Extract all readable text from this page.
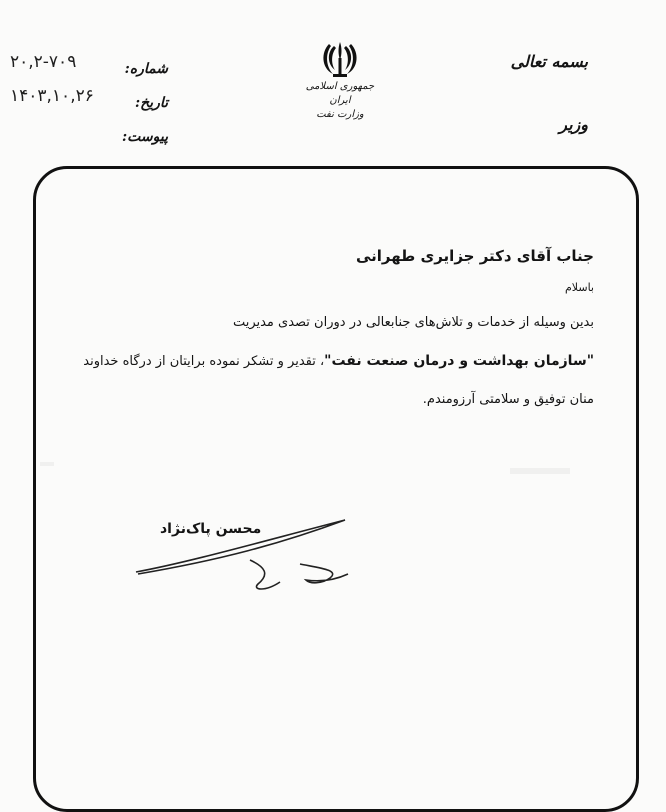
بسمه تعالی
وزیر
جمهوری اسلامی ایران
وزارت نفت
شماره:
تاریخ:
پیوست:
۲۰,۲-۷۰۹
۱۴۰۳,۱۰,۲۶

جناب آقای دکتر جزایری طهرانی

باسلام

بدین وسیله از خدمات و تلاش‌های جنابعالی در دوران تصدی مدیریت

"سازمان بهداشت و درمان صنعت نفت"، تقدیر و تشکر نموده برایتان از درگاه خداوند

منان توفیق و سلامتی آرزومندم.

محسن پاک‌نژاد
